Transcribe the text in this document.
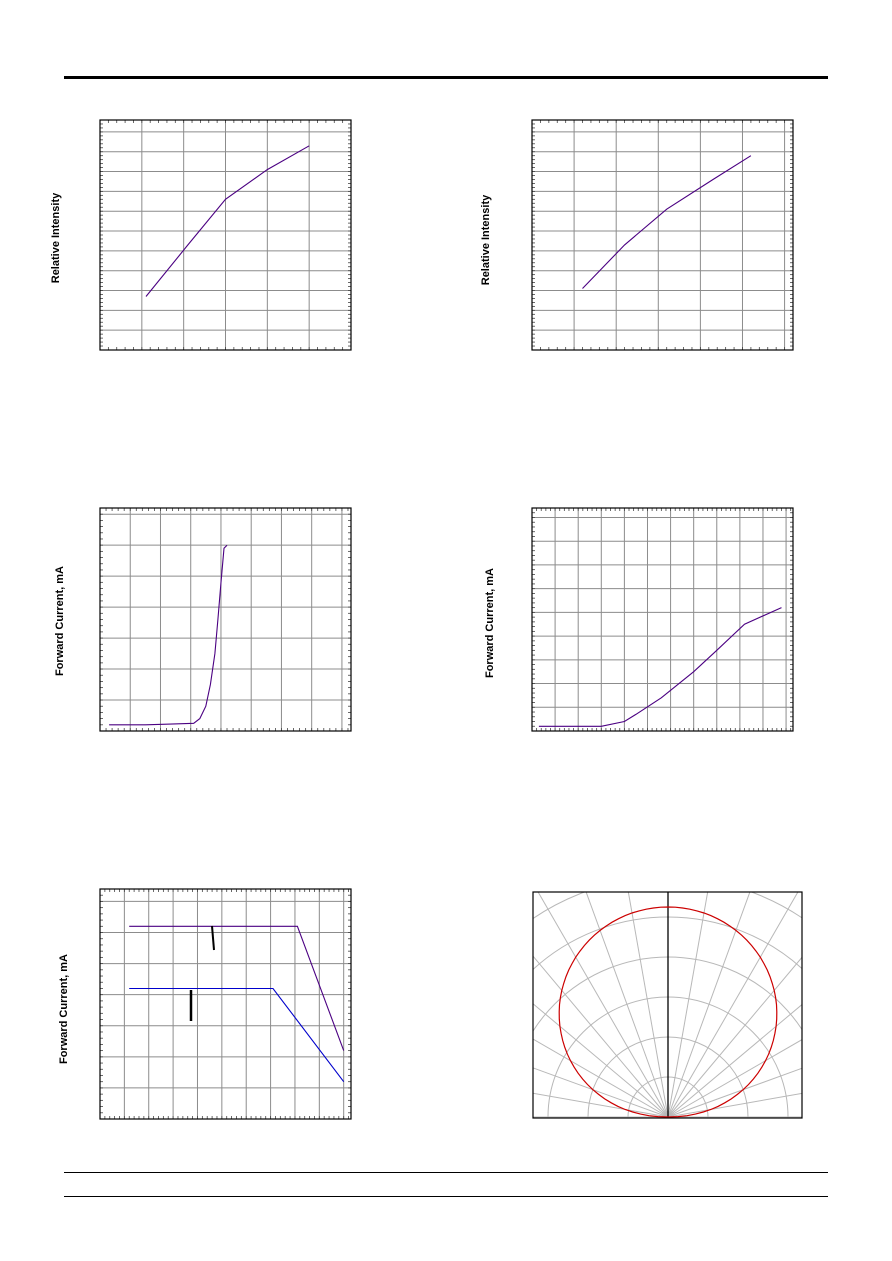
Relative Intensity	Relative Intensity
Forward Current, mA	Forward Current, mA
Forward Current, mA
